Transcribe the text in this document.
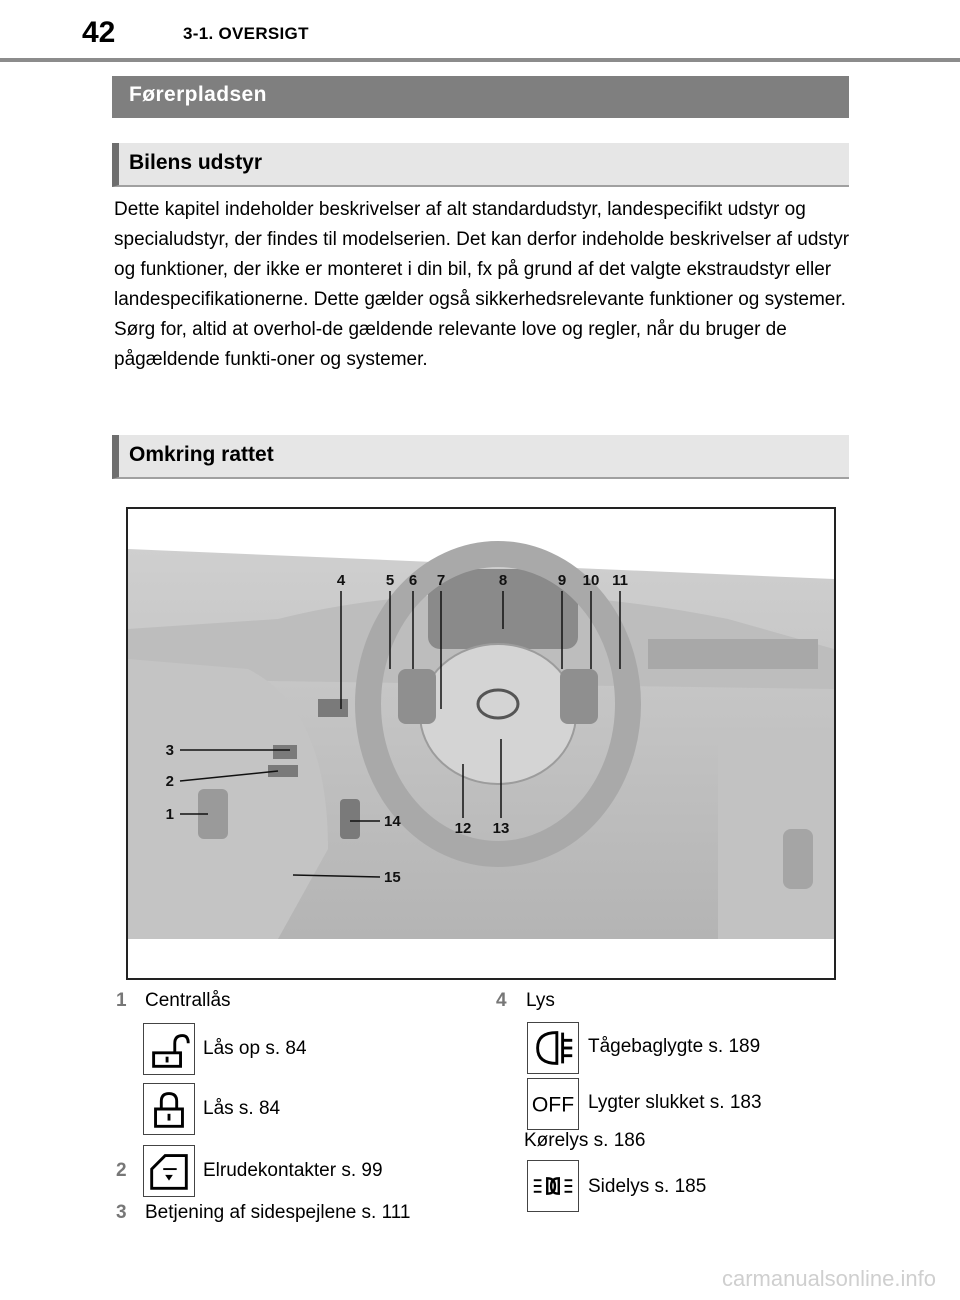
42	3-1. OVERSIGT
Førerpladsen
Bilens udstyr

Dette kapitel indeholder beskrivelser af alt standardudstyr, landespecifikt udstyr og specialudstyr, der findes til modelserien. Det kan derfor indeholde beskrivelser af udstyr og funktioner, der ikke er monteret i din bil, fx på grund af det valgte ekstraudstyr eller landespecifikationerne. Dette gælder også sikkerhedsrelevante funktioner og systemer. Sørg for, altid at overhol-de gældende relevante love og regler, når du bruger de pågældende funkti-oner og systemer.

Omkring rattet
4	5 6 7	8	9 10 11
3
2
1
12 13
14
15
1 Centrallås
Lås op s. 84
Lås s. 84
2	Elrudekontakter s. 99
3 Betjening af sidespejlene s. 111
4 Lys
Tågebaglygte s. 189
OFF Lygter slukket s. 183
Kørelys s. 186
Sidelys s. 185
carmanualsonline.info
